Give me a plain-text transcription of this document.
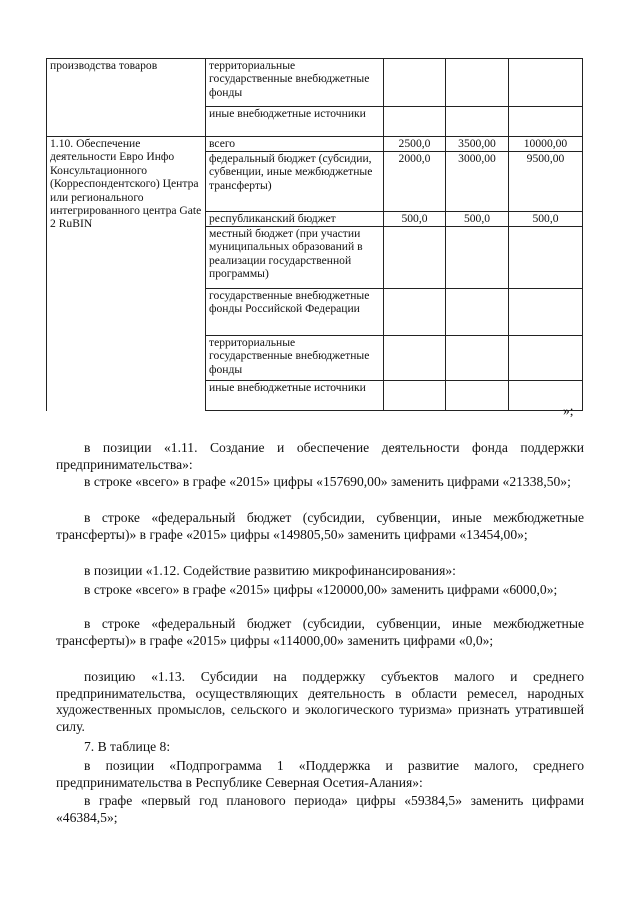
производства товаров	территориальные государственные внебюджетные фонды			
	иные внебюджетные источники			
1.10. Обеспечение деятельности Евро Инфо Консультационного (Корреспондентского) Центра или регионального интегрированного центра Gate 2 RuBIN	всего	2500,0	3500,00	10000,00
	федеральный бюджет (субсидии, субвенции, иные межбюджетные трансферты)	2000,0	3000,00	9500,00
	республиканский бюджет	500,0	500,0	500,0
	местный бюджет (при участии муниципальных образований в реализации государственной программы)			
	государственные внебюджетные фонды Российской Федерации			
	территориальные государственные внебюджетные фонды			
	иные внебюджетные источники			
»;
в позиции «1.11. Создание и обеспечение деятельности фонда поддержки предпринимательства»:
в строке «всего» в графе «2015» цифры «157690,00» заменить цифрами «21338,50»;
в строке «федеральный бюджет (субсидии, субвенции, иные межбюджетные трансферты)» в графе «2015» цифры «149805,50» заменить цифрами «13454,00»;
в позиции «1.12. Содействие развитию микрофинансирования»:
в строке «всего» в графе «2015» цифры «120000,00» заменить цифрами «6000,0»;
в строке «федеральный бюджет (субсидии, субвенции, иные межбюджетные трансферты)» в графе «2015» цифры «114000,00» заменить цифрами «0,0»;
позицию «1.13. Субсидии на поддержку субъектов малого и среднего предпринимательства, осуществляющих деятельность в области ремесел, народных художественных промыслов, сельского и экологического туризма» признать утратившей силу.
7. В таблице 8:
в позиции «Подпрограмма 1 «Поддержка и развитие малого, среднего предпринимательства в Республике Северная Осетия-Алания»:
в графе «первый год планового периода» цифры «59384,5» заменить цифрами «46384,5»;
